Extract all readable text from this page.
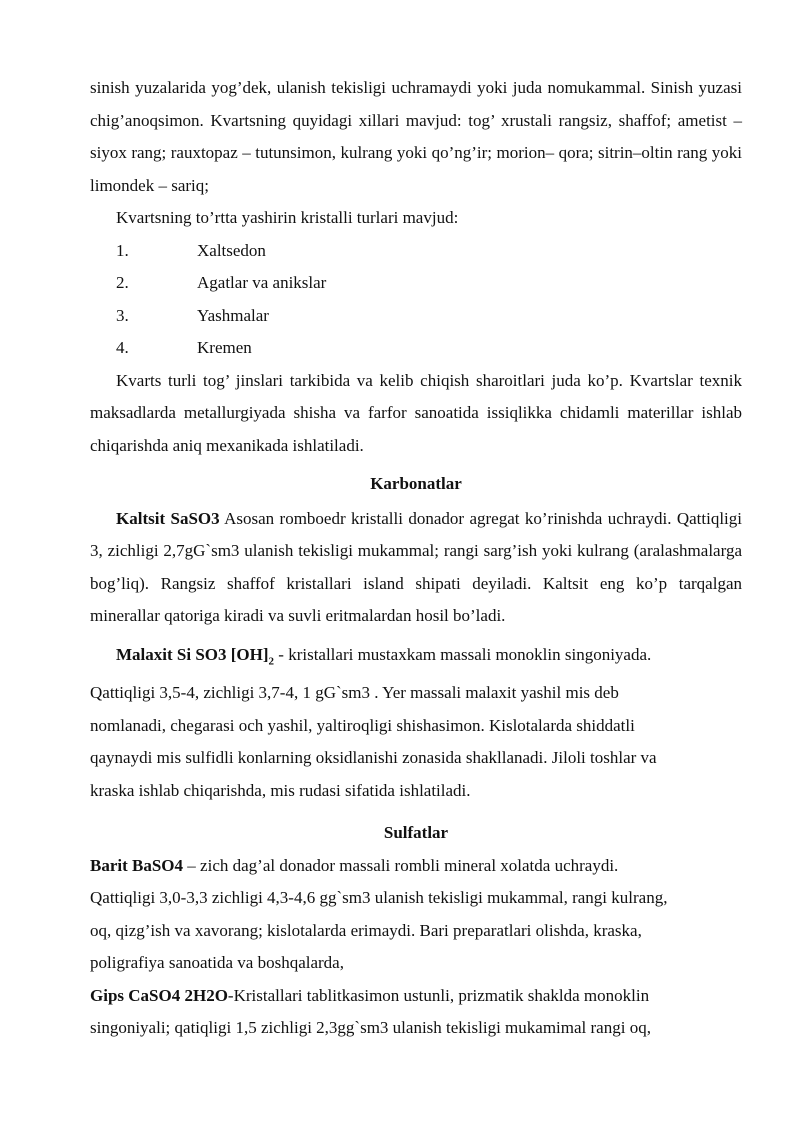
sinish yuzalarida yog’dek, ulanish tekisligi uchramaydi yoki juda nomukammal. Sinish yuzasi chig’anoqsimon. Kvartsning quyidagi xillari mavjud: tog’ xrustali rangsiz, shaffof; ametist – siyox rang; rauxtopaz – tutunsimon, kulrang yoki qo’ng’ir; morion– qora; sitrin–oltin rang yoki limondek – sariq;

Kvartsning to’rtta yashirin kristalli turlari mavjud:

1.	Xaltsedon
2.	Agatlar va anikslar
3.	Yashmalar
4.	Kremen

Kvarts turli tog’ jinslari tarkibida va kelib chiqish sharoitlari juda ko’p. Kvartslar texnik maksadlarda metallurgiyada shisha va farfor sanoatida issiqlikka chidamli materillar ishlab chiqarishda aniq mexanikada ishlatiladi.

Karbonatlar

Kaltsit SaSO3 Asosan romboedr kristalli donador agregat ko’rinishda uchraydi. Qattiqligi 3, zichligi 2,7gG`sm3 ulanish tekisligi mukammal; rangi sarg’ish yoki kulrang (aralashmalarga bog’liq). Rangsiz shaffof kristallari island shipati deyiladi. Kaltsit eng ko’p tarqalgan minerallar qatoriga kiradi va suvli eritmalardan hosil bo’ladi.

Malaxit Si SO3 $[OH]_2$ - kristallari mustaxkam massali monoklin singoniyada.
Qattiqligi 3,5-4, zichligi 3,7-4, 1 gG`sm3 . Yer massali malaxit yashil mis deb
nomlanadi, chegarasi och yashil, yaltiroqligi shishasimon. Kislotalarda shiddatli
qaynaydi mis sulfidli konlarning oksidlanishi zonasida shakllanadi. Jiloli toshlar va
kraska ishlab chiqarishda, mis rudasi sifatida ishlatiladi.
Sulfatlar
Barit BaSO4 – zich dag’al donador massali rombli mineral xolatda uchraydi.
Qattiqligi 3,0-3,3 zichligi 4,3-4,6 gg`sm3 ulanish tekisligi mukammal, rangi kulrang,
oq, qizg’ish va xavorang; kislotalarda erimaydi. Bari preparatlari olishda, kraska,
poligrafiya sanoatida va boshqalarda,
Gips CaSO4 2H2O-Kristallari tablitkasimon ustunli, prizmatik shaklda monoklin
singoniyali; qatiqligi 1,5 zichligi 2,3gg`sm3 ulanish tekisligi mukamimal rangi oq,
